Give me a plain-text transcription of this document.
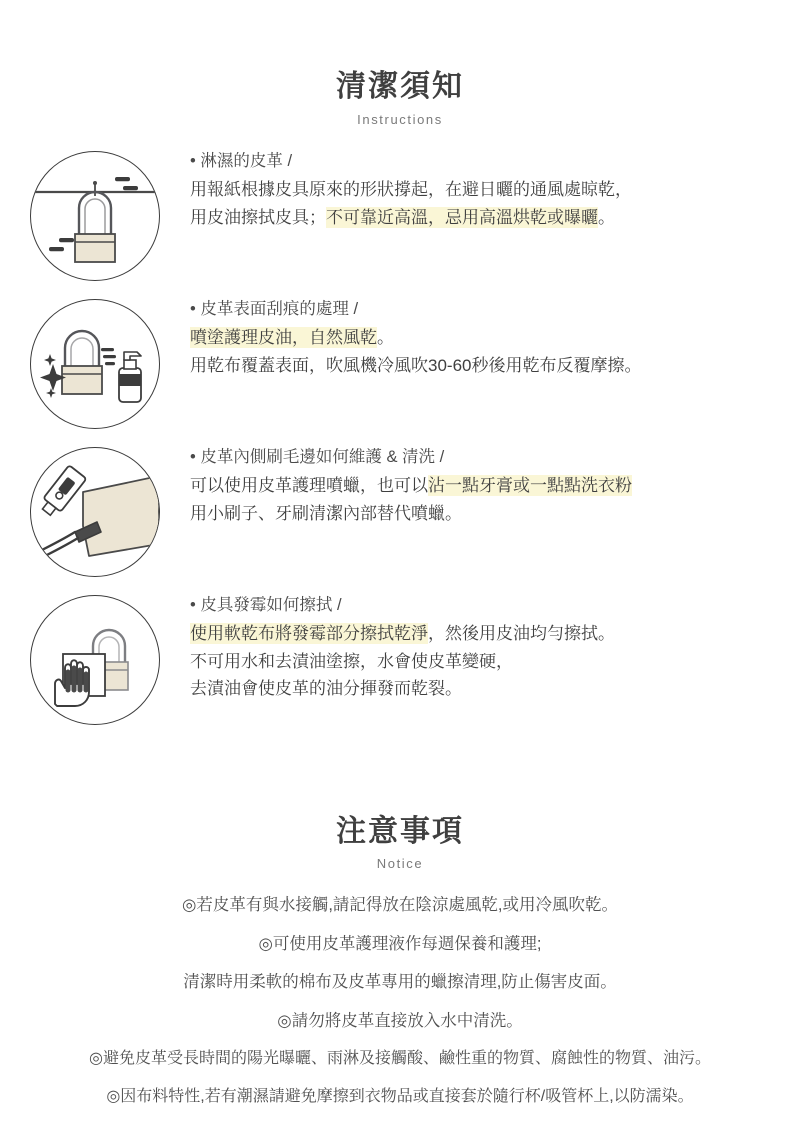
清潔須知
Instructions
• 淋濕的皮革 /
用報紙根據皮具原來的形狀撐起，在避日曬的通風處晾乾，
用皮油擦拭皮具；不可靠近高溫，忌用高溫烘乾或曝曬。
• 皮革表面刮痕的處理 /
噴塗護理皮油，自然風乾。
用乾布覆蓋表面，吹風機冷風吹30-60秒後用乾布反覆摩擦。
• 皮革內側刷毛邊如何維護 & 清洗 /
可以使用皮革護理噴蠟，也可以沾一點牙膏或一點點洗衣粉
用小刷子、牙刷清潔內部替代噴蠟。
• 皮具發霉如何擦拭 /
使用軟乾布將發霉部分擦拭乾淨，然後用皮油均勻擦拭。
不可用水和去漬油塗擦，水會使皮革變硬，
去漬油會使皮革的油分揮發而乾裂。
注意事項
Notice
◎若皮革有與水接觸,請記得放在陰涼處風乾,或用冷風吹乾。
◎可使用皮革護理液作每週保養和護理;
清潔時用柔軟的棉布及皮革專用的蠟擦清理,防止傷害皮面。
◎請勿將皮革直接放入水中清洗。
◎避免皮革受長時間的陽光曝曬、雨淋及接觸酸、鹼性重的物質、腐蝕性的物質、油污。
◎因布料特性,若有潮濕請避免摩擦到衣物品或直接套於隨行杯/吸管杯上,以防濡染。
